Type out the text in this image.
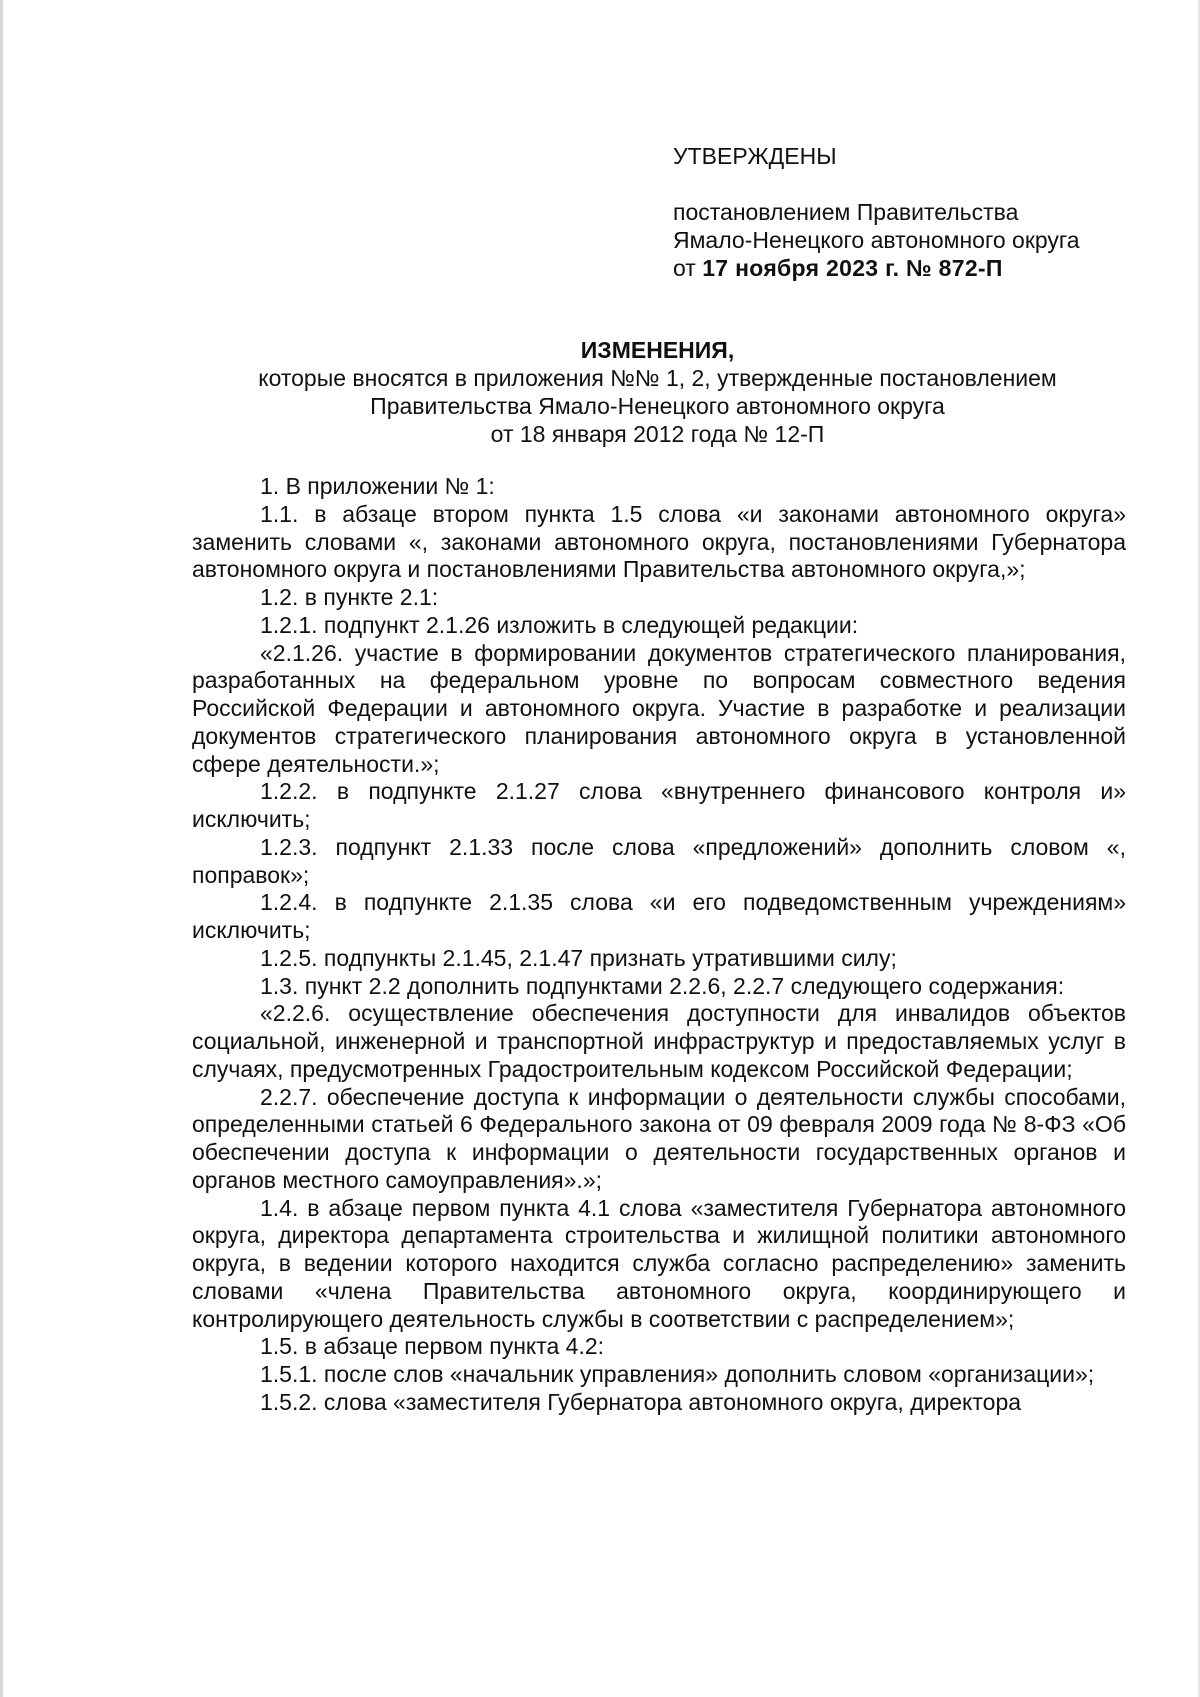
УТВЕРЖДЕНЫ

постановлением Правительства

Ямало-Ненецкого автономного округа

от 17 ноября 2023 г. № 872-П

ИЗМЕНЕНИЯ,

которые вносятся в приложения №№ 1, 2, утвержденные постановлением

Правительства Ямало-Ненецкого автономного округа

от 18 января 2012 года № 12-П

1. В приложении № 1:

1.1. в абзаце втором пункта 1.5 слова «и законами автономного округа» заменить словами «, законами автономного округа, постановлениями Губернатора автономного округа и постановлениями Правительства автономного округа,»;

1.2. в пункте 2.1:

1.2.1. подпункт 2.1.26 изложить в следующей редакции:

«2.1.26. участие в формировании документов стратегического планирования, разработанных на федеральном уровне по вопросам совместного ведения Российской Федерации и автономного округа. Участие в разработке и реализации документов стратегического планирования автономного округа в установленной сфере деятельности.»;

1.2.2. в подпункте 2.1.27 слова «внутреннего финансового контроля и» исключить;

1.2.3. подпункт 2.1.33 после слова «предложений» дополнить словом «, поправок»;

1.2.4. в подпункте 2.1.35 слова «и его подведомственным учреждениям» исключить;

1.2.5. подпункты 2.1.45, 2.1.47 признать утратившими силу;

1.3. пункт 2.2 дополнить подпунктами 2.2.6, 2.2.7 следующего содержания:

«2.2.6. осуществление обеспечения доступности для инвалидов объектов социальной, инженерной и транспортной инфраструктур и предоставляемых услуг в случаях, предусмотренных Градостроительным кодексом Российской Федерации;

2.2.7. обеспечение доступа к информации о деятельности службы способами, определенными статьей 6 Федерального закона от 09 февраля 2009 года № 8-ФЗ «Об обеспечении доступа к информации о деятельности государственных органов и органов местного самоуправления».»;

1.4. в абзаце первом пункта 4.1 слова «заместителя Губернатора автономного округа, директора департамента строительства и жилищной политики автономного округа, в ведении которого находится служба согласно распределению» заменить словами «члена Правительства автономного округа, координирующего и контролирующего деятельность службы в соответствии с распределением»;

1.5. в абзаце первом пункта 4.2:

1.5.1. после слов «начальник управления» дополнить словом «организации»;

1.5.2. слова «заместителя Губернатора автономного округа, директора
